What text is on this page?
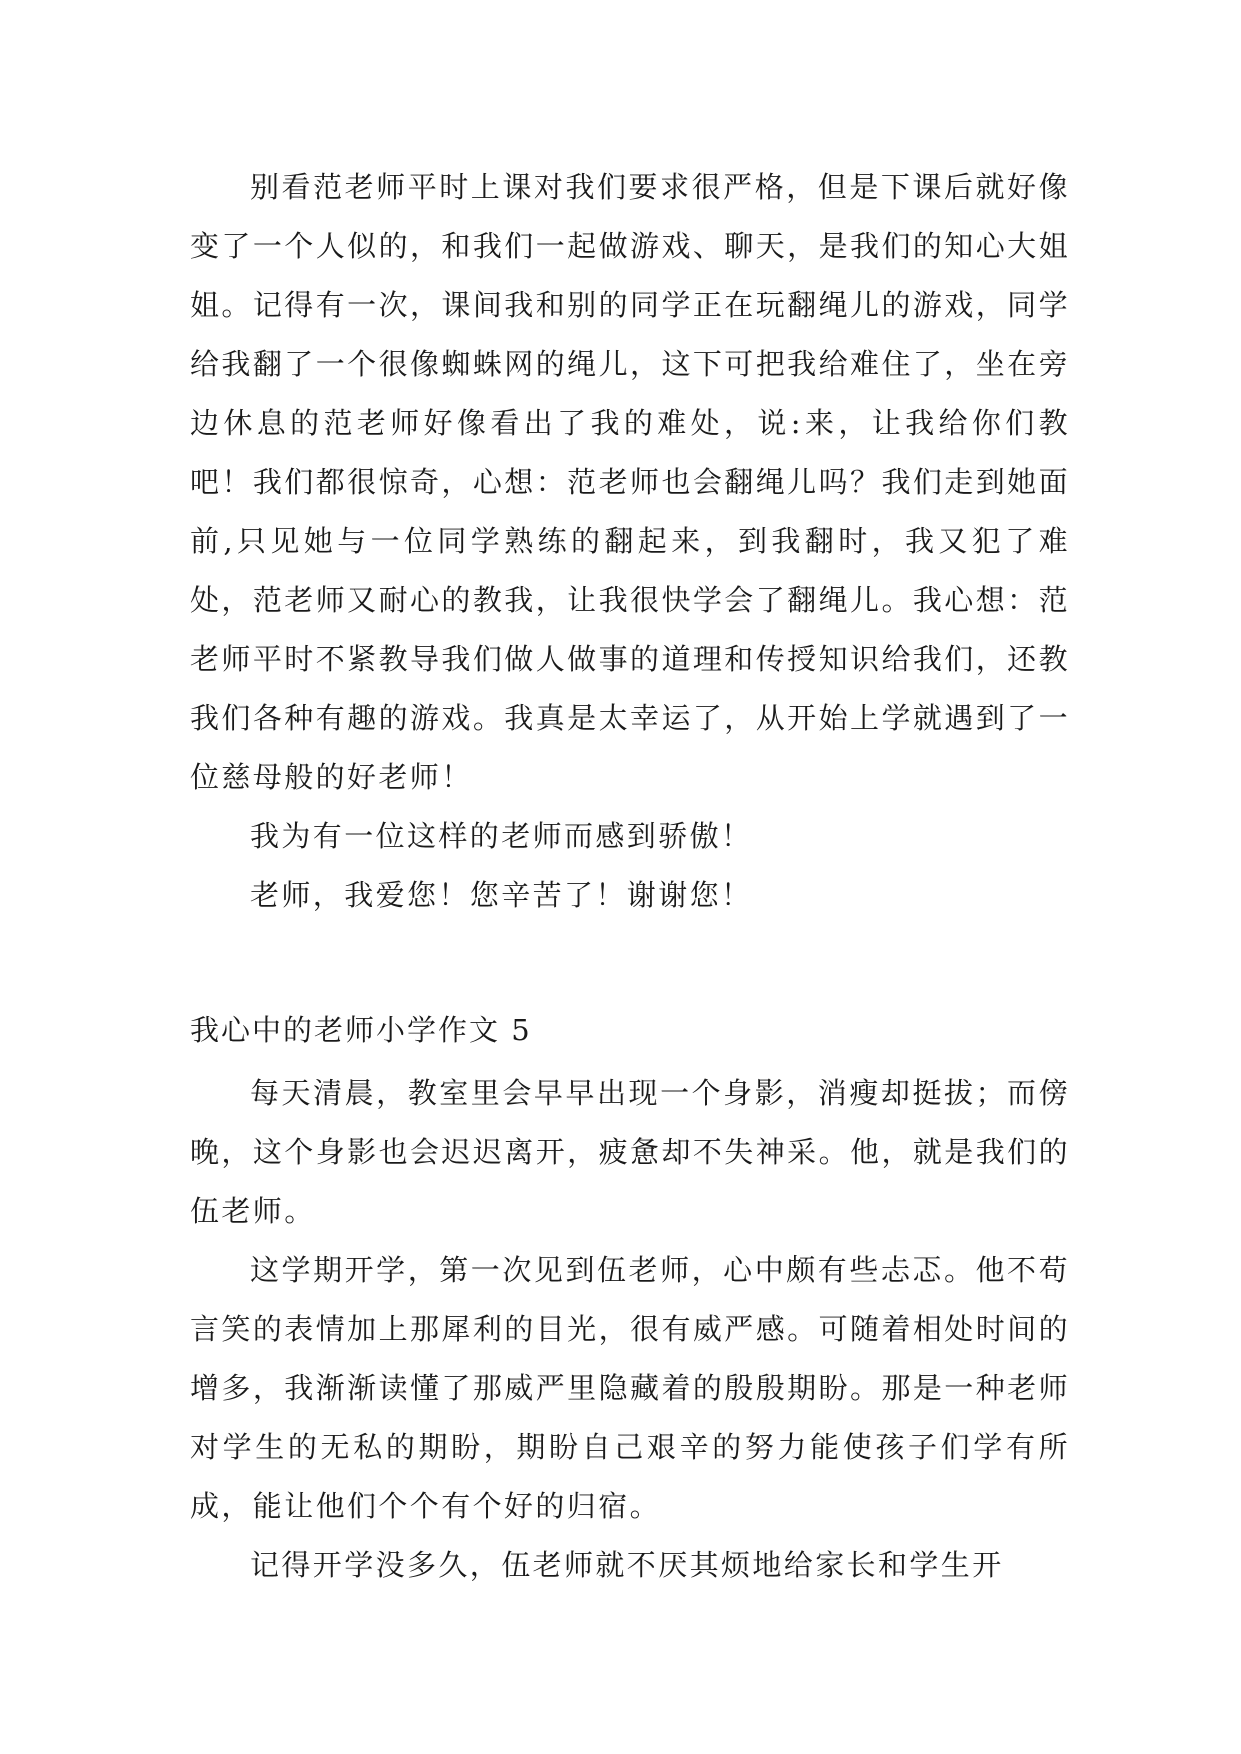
别看范老师平时上课对我们要求很严格，但是下课后就好像变了一个人似的，和我们一起做游戏、聊天，是我们的知心大姐姐。记得有一次，课间我和别的同学正在玩翻绳儿的游戏，同学给我翻了一个很像蜘蛛网的绳儿，这下可把我给难住了，坐在旁边休息的范老师好像看出了我的难处，说:来，让我给你们教吧！我们都很惊奇，心想：范老师也会翻绳儿吗？我们走到她面前,只见她与一位同学熟练的翻起来，到我翻时，我又犯了难处，范老师又耐心的教我，让我很快学会了翻绳儿。我心想：范老师平时不紧教导我们做人做事的道理和传授知识给我们，还教我们各种有趣的游戏。我真是太幸运了，从开始上学就遇到了一位慈母般的好老师！

我为有一位这样的老师而感到骄傲！

老师，我爱您！您辛苦了！谢谢您！

我心中的老师小学作文 5

每天清晨，教室里会早早出现一个身影，消瘦却挺拔；而傍晚，这个身影也会迟迟离开，疲惫却不失神采。他，就是我们的伍老师。

这学期开学，第一次见到伍老师，心中颇有些忐忑。他不苟言笑的表情加上那犀利的目光，很有威严感。可随着相处时间的增多，我渐渐读懂了那威严里隐藏着的殷殷期盼。那是一种老师对学生的无私的期盼，期盼自己艰辛的努力能使孩子们学有所成，能让他们个个有个好的归宿。

记得开学没多久，伍老师就不厌其烦地给家长和学生开
